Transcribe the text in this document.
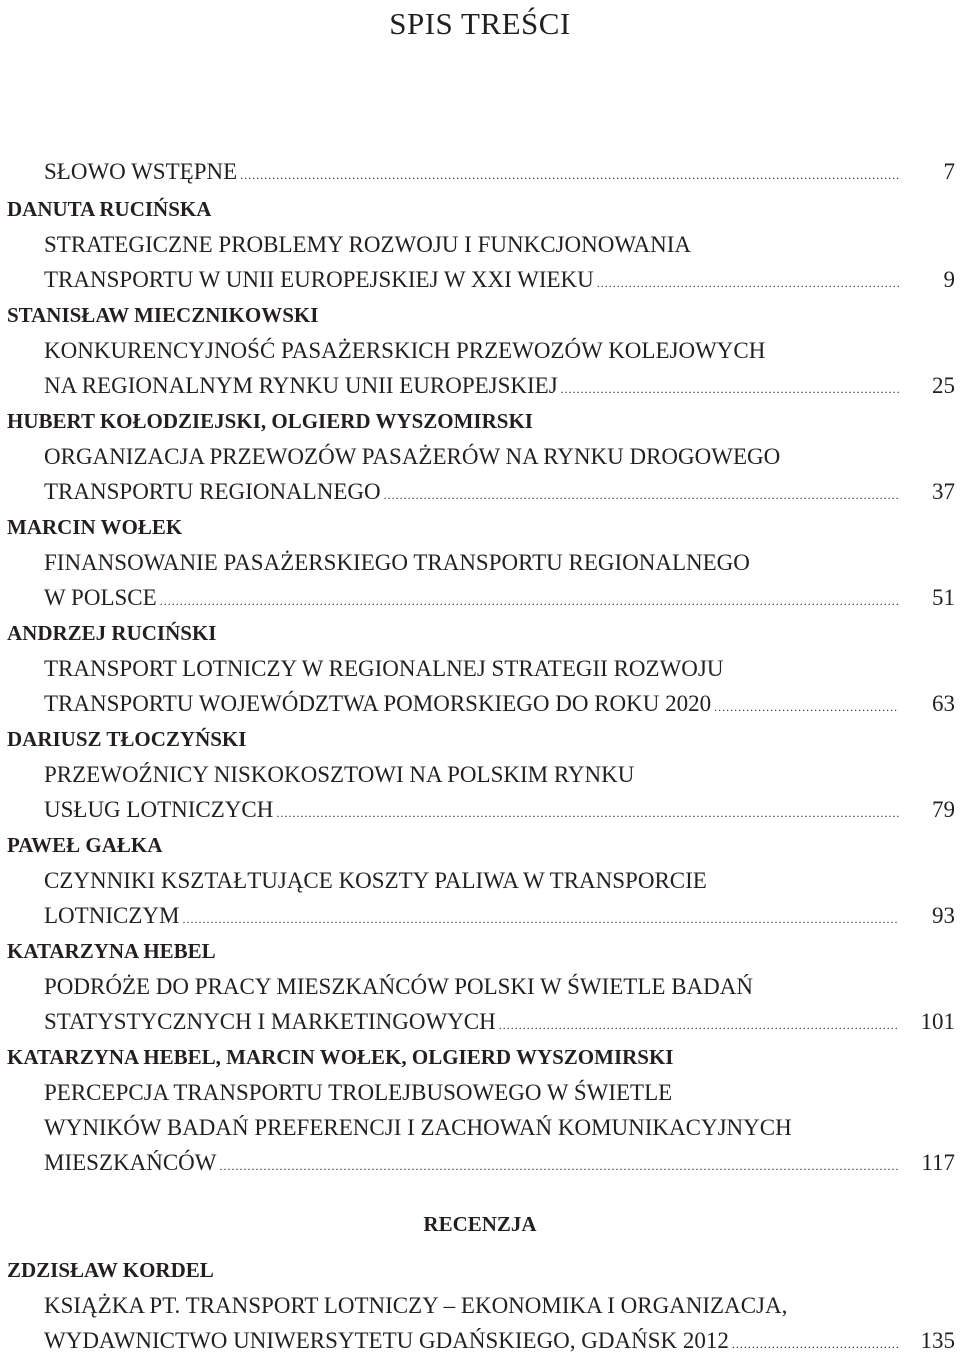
SPIS TREŚCI
SŁOWO WSTĘPNE .....	7
DANUTA RUCIŃSKA
STRATEGICZNE PROBLEMY ROZWOJU I FUNKCJONOWANIA
TRANSPORTU W UNII EUROPEJSKIEJ W XXI WIEKU .....	9
STANISŁAW MIECZNIKOWSKI
KONKURENCYJNOŚĆ PASAŻERSKICH PRZEWOZÓW KOLEJOWYCH
NA REGIONALNYM RYNKU UNII EUROPEJSKIEJ .....	25
HUBERT KOŁODZIEJSKI, OLGIERD WYSZOMIRSKI
ORGANIZACJA PRZEWOZÓW PASAŻERÓW NA RYNKU DROGOWEGO
TRANSPORTU REGIONALNEGO .....	37
MARCIN WOŁEK
FINANSOWANIE PASAŻERSKIEGO TRANSPORTU REGIONALNEGO
W POLSCE .....	51
ANDRZEJ RUCIŃSKI
TRANSPORT LOTNICZY W REGIONALNEJ STRATEGII ROZWOJU
TRANSPORTU WOJEWÓDZTWA POMORSKIEGO DO ROKU 2020 .....	63
DARIUSZ TŁOCZYŃSKI
PRZEWOŹNICY NISKOKOSZTOWI NA POLSKIM RYNKU
USŁUG LOTNICZYCH .....	79
PAWEŁ GAŁKA
CZYNNIKI KSZTAŁTUJĄCE KOSZTY PALIWA W TRANSPORCIE
LOTNICZYM .....	93
KATARZYNA HEBEL
PODRÓŻE DO PRACY MIESZKAŃCÓW POLSKI W ŚWIETLE BADAŃ
STATYSTYCZNYCH I MARKETINGOWYCH .....	101
KATARZYNA HEBEL, MARCIN WOŁEK, OLGIERD WYSZOMIRSKI
PERCEPCJA TRANSPORTU TROLEJBUSOWEGO W ŚWIETLE
WYNIKÓW BADAŃ PREFERENCJI I ZACHOWAŃ KOMUNIKACYJNYCH
MIESZKAŃCÓW .....	117
RECENZJA
ZDZISŁAW KORDEL
KSIĄŻKA PT. TRANSPORT LOTNICZY – EKONOMIKA I ORGANIZACJA,
WYDAWNICTWO UNIWERSYTETU GDAŃSKIEGO, GDAŃSK 2012 .....	135
